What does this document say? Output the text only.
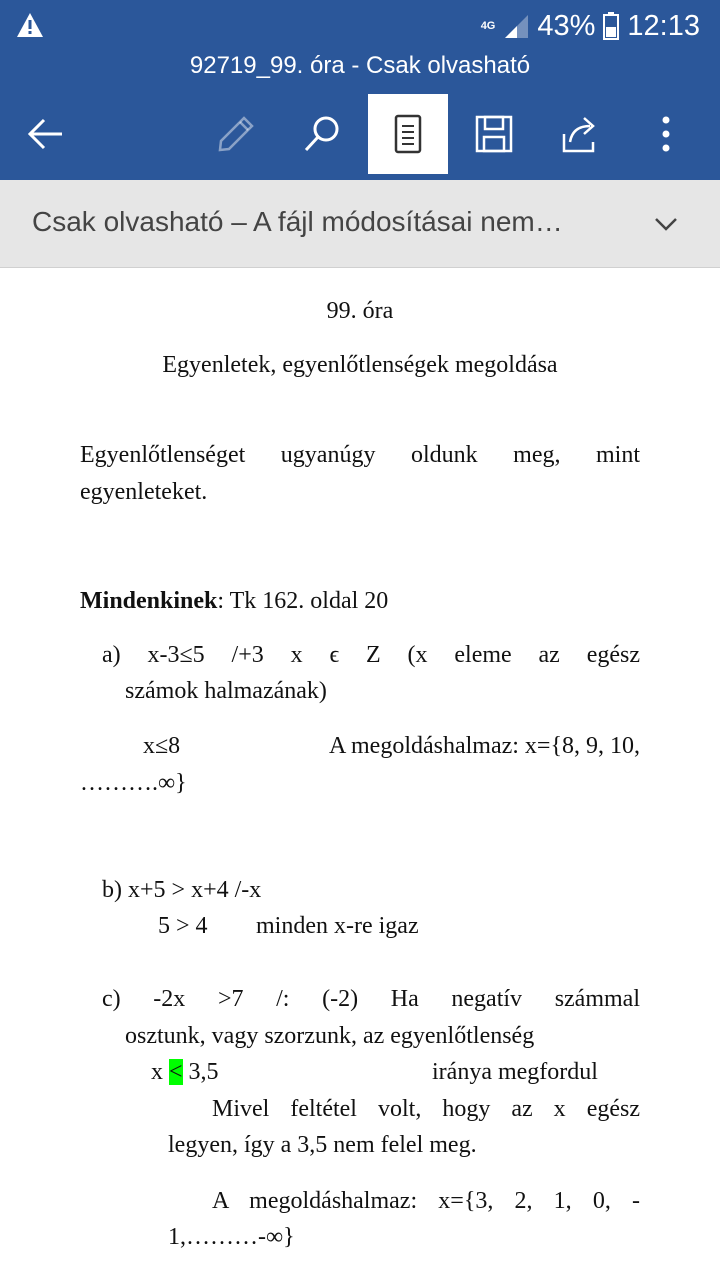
4G 43% 12:13
92719_99. óra - Csak olvasható
Csak olvasható – A fájl módosításai nem…
99. óra
Egyenletek, egyenlőtlenségek megoldása
Egyenlőtlenséget ugyanúgy oldunk meg, mint
egyenleteket.
Mindenkinek: Tk 162. oldal 20
a) x-3≤5 /+3 x ϵ Z (x eleme az egész
számok halmazának)
x≤8	A megoldáshalmaz: x={8, 9, 10,
……….∞}
b) x+5 > x+4 /-x
5 > 4 minden x-re igaz
c) -2x >7 /: (-2) Ha negatív számmal
osztunk, vagy szorzunk, az egyenlőtlenség
x < 3,5	iránya megfordul
Mivel feltétel volt, hogy az x egész
legyen, így a 3,5 nem felel meg.
A megoldáshalmaz: x={3, 2, 1, 0, -
1,………-∞}
